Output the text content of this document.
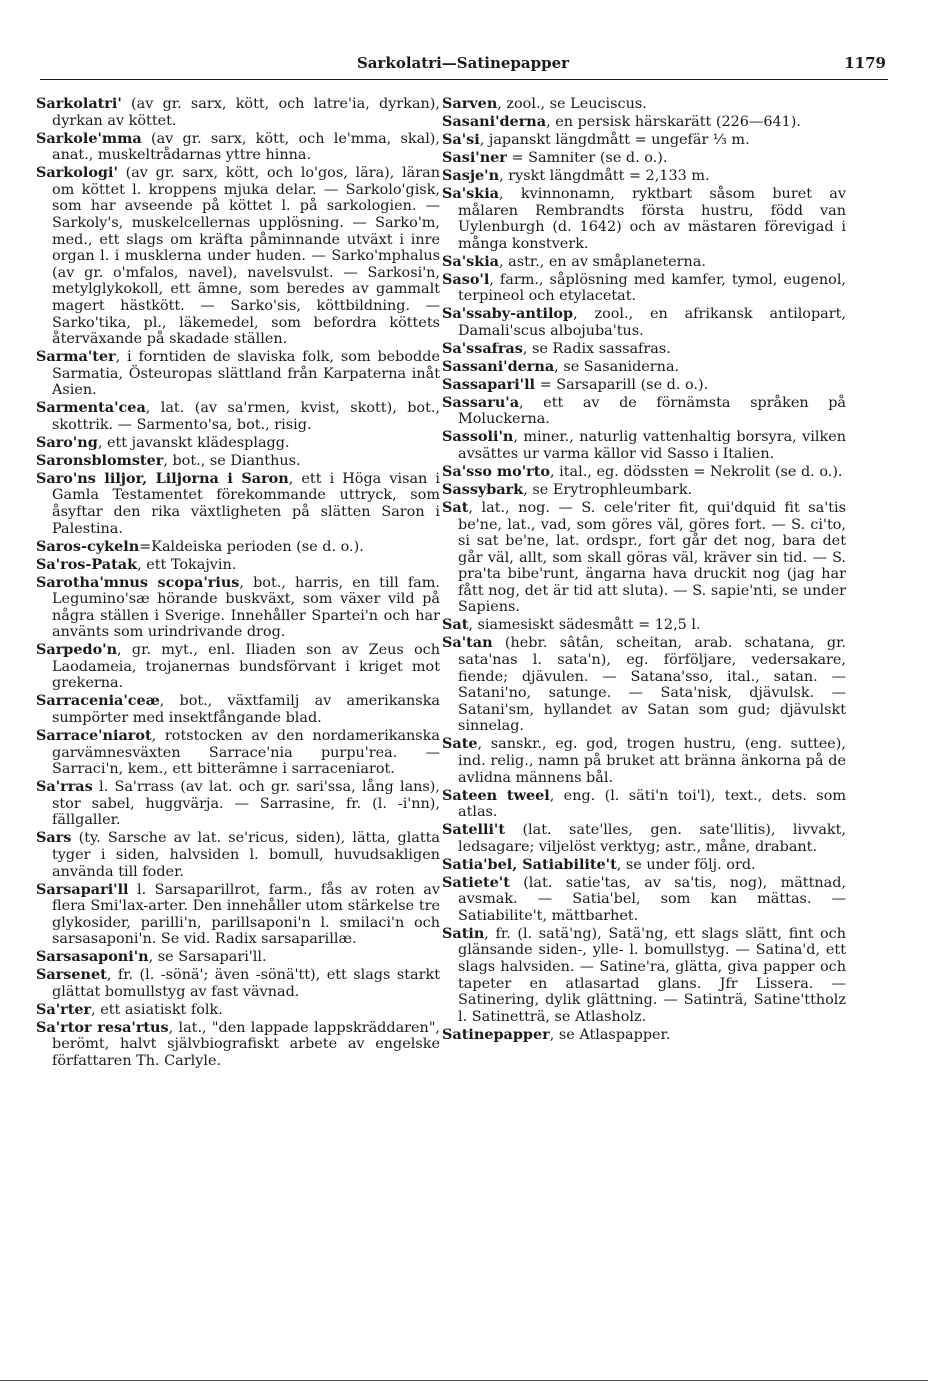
Sarkolatri—Satinepapper	1179

Sarkolatri' (av gr. sarx, kött, och latre'ia, dyrkan), dyrkan av köttet.

Sarkole'mma (av gr. sarx, kött, och le'mma, skal), anat., muskeltrådarnas yttre hinna.

Sarkologi' (av gr. sarx, kött, och lo'gos, lära), läran om köttet l. kroppens mjuka delar. — Sarkolo'gisk, som har avseende på köttet l. på sarkologien. — Sarkoly's, muskelcellernas upplösning. — Sarko'm, med., ett slags om kräfta påminnande utväxt i inre organ l. i musklerna under huden. — Sarko'mphalus (av gr. o'mfalos, navel), navelsvulst. — Sarkosi'n, metylglykokoll, ett ämne, som beredes av gammalt magert hästkött. — Sarko'sis, köttbildning. — Sarko'tika, pl., läkemedel, som befordra köttets återväxande på skadade ställen.

Sarma'ter, i forntiden de slaviska folk, som bebodde Sarmatia, Östeuropas slättland från Karpaterna inåt Asien.

Sarmenta'cea, lat. (av sa'rmen, kvist, skott), bot., skottrik. — Sarmento'sa, bot., risig.

Saro'ng, ett javanskt klädesplagg.

Saronsblomster, bot., se Dianthus.

Saro'ns liljor, Liljorna i Saron, ett i Höga visan i Gamla Testamentet förekommande uttryck, som åsyftar den rika växtligheten på slätten Saron i Palestina.

Saros-cykeln=Kaldeiska perioden (se d. o.).

Sa'ros-Patak, ett Tokajvin.

Sarotha'mnus scopa'rius, bot., harris, en till fam. Legumino'sæ hörande buskväxt, som växer vild på några ställen i Sverige. Innehåller Spartei'n och har använts som urindrivande drog.

Sarpedo'n, gr. myt., enl. Iliaden son av Zeus och Laodameia, trojanernas bundsförvant i kriget mot grekerna.

Sarracenia'ceæ, bot., växtfamilj av amerikanska sumpörter med insektfångande blad.

Sarrace'niarot, rotstocken av den nordamerikanska garvämnesväxten Sarrace'nia purpu'rea. — Sarraci'n, kem., ett bitterämne i sarraceniarot.

Sa'rras l. Sa'rrass (av lat. och gr. sari'ssa, lång lans), stor sabel, huggvärja. — Sarrasine, fr. (l. -i'nn), fällgaller.

Sars (ty. Sarsche av lat. se'ricus, siden), lätta, glatta tyger i siden, halvsiden l. bomull, huvudsakligen använda till foder.

Sarsapari'll l. Sarsaparillrot, farm., fås av roten av flera Smi'lax-arter. Den innehåller utom stärkelse tre glykosider, parilli'n, parillsaponi'n l. smilaci'n och sarsasaponi'n. Se vid. Radix sarsaparillæ.

Sarsasaponi'n, se Sarsapari'll.

Sarsenet, fr. (l. -sönä'; även -sönä'tt), ett slags starkt glättat bomullstyg av fast vävnad.

Sa'rter, ett asiatiskt folk.

Sa'rtor resa'rtus, lat., "den lappade lappskräddaren", berömt, halvt självbiografiskt arbete av engelske författaren Th. Carlyle.

Sarven, zool., se Leuciscus.

Sasani'derna, en persisk härskarätt (226—641).

Sa'si, japanskt längdmått = ungefär ⅓ m.

Sasi'ner = Samniter (se d. o.).

Sasje'n, ryskt längdmått = 2,133 m.

Sa'skia, kvinnonamn, ryktbart såsom buret av målaren Rembrandts första hustru, född van Uylenburgh (d. 1642) och av mästaren förevigad i många konstverk.

Sa'skia, astr., en av småplaneterna.

Saso'l, farm., såplösning med kamfer, tymol, eugenol, terpineol och etylacetat.

Sa'ssaby-antilop, zool., en afrikansk antilopart, Damali'scus albojuba'tus.

Sa'ssafras, se Radix sassafras.

Sassani'derna, se Sasaniderna.

Sassapari'll = Sarsaparill (se d. o.).

Sassaru'a, ett av de förnämsta språken på Moluckerna.

Sassoli'n, miner., naturlig vattenhaltig borsyra, vilken avsättes ur varma källor vid Sasso i Italien.

Sa'sso mo'rto, ital., eg. dödssten = Nekrolit (se d. o.).

Sassybark, se Erytrophleumbark.

Sat, lat., nog. — S. cele'riter fit, qui'dquid fit sa'tis be'ne, lat., vad, som göres väl, göres fort. — S. ci'to, si sat be'ne, lat. ordspr., fort går det nog, bara det går väl, allt, som skall göras väl, kräver sin tid. — S. pra'ta bibe'runt, ängarna hava druckit nog (jag har fått nog, det är tid att sluta). — S. sapie'nti, se under Sapiens.

Sat, siamesiskt sädesmått = 12,5 l.

Sa'tan (hebr. sâtân, scheitan, arab. schatana, gr. sata'nas l. sata'n), eg. förföljare, vedersakare, fiende; djävulen. — Satana'sso, ital., satan. — Satani'no, satunge. — Sata'nisk, djävulsk. — Satani'sm, hyllandet av Satan som gud; djävulskt sinnelag.

Sate, sanskr., eg. god, trogen hustru, (eng. suttee), ind. relig., namn på bruket att bränna änkorna på de avlidna männens bål.

Sateen tweel, eng. (l. säti'n toi'l), text., dets. som atlas.

Satelli't (lat. sate'lles, gen. sate'llitis), livvakt, ledsagare; viljelöst verktyg; astr., måne, drabant.

Satia'bel, Satiabilite't, se under följ. ord.

Satiete't (lat. satie'tas, av sa'tis, nog), mättnad, avsmak. — Satia'bel, som kan mättas. — Satiabilite't, mättbarhet.

Satin, fr. (l. satä'ng), Satä'ng, ett slags slätt, fint och glänsande siden-, ylle- l. bomullstyg. — Satina'd, ett slags halvsiden. — Satine'ra, glätta, giva papper och tapeter en atlasartad glans. Jfr Lissera. — Satinering, dylik glättning. — Satinträ, Satine'ttholz l. Satinetträ, se Atlasholz.

Satinepapper, se Atlaspapper.
